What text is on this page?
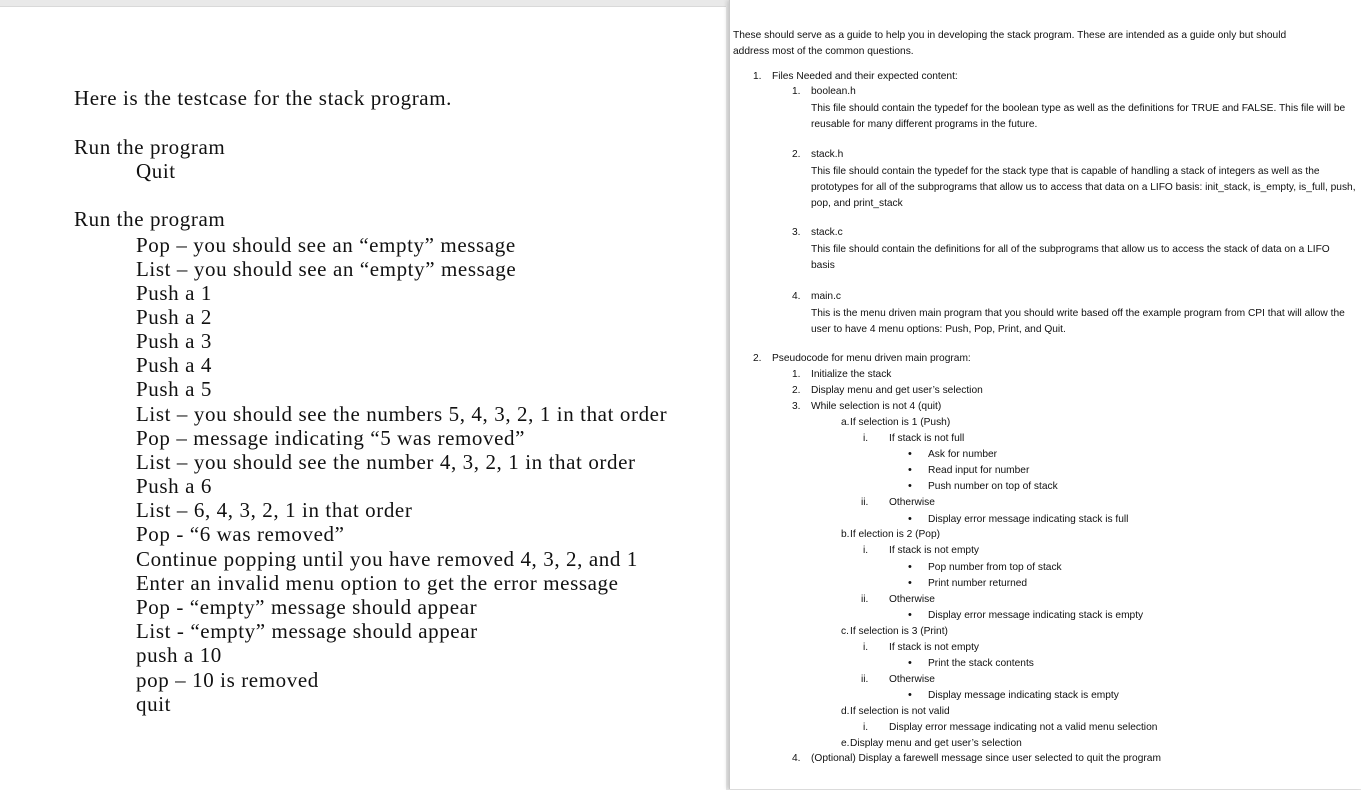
Here is the testcase for the stack program.
Run the program
Quit
Run the program
Pop – you should see an “empty” message
List – you should see an “empty” message
Push a 1
Push a 2
Push a 3
Push a 4
Push a 5
List – you should see the numbers 5, 4, 3, 2, 1 in that order
Pop – message indicating “5 was removed”
List – you should see the number 4, 3, 2, 1 in that order
Push a 6
List – 6, 4, 3, 2, 1 in that order
Pop - “6 was removed”
Continue popping until you have removed 4, 3, 2, and 1
Enter an invalid menu option to get the error message
Pop - “empty” message should appear
List - “empty” message should appear
push a 10
pop – 10 is removed
quit
These should serve as a guide to help you in developing the stack program. These are intended as a guide only but should
address most of the common questions.
1. Files Needed and their expected content:
1. boolean.h
This file should contain the typedef for the boolean type as well as the definitions for TRUE and FALSE. This file will be reusable for many different programs in the future.
2. stack.h
This file should contain the typedef for the stack type that is capable of handling a stack of integers as well as the prototypes for all of the subprograms that allow us to access that data on a LIFO basis: init_stack, is_empty, is_full, push, pop, and print_stack
3. stack.c
This file should contain the definitions for all of the subprograms that allow us to access the stack of data on a LIFO basis
4. main.c
This is the menu driven main program that you should write based off the example program from CPI that will allow the user to have 4 menu options: Push, Pop, Print, and Quit.
2. Pseudocode for menu driven main program:
1. Initialize the stack
2. Display menu and get user’s selection
3. While selection is not 4 (quit)
a. If selection is 1 (Push)
i. If stack is not full
• Ask for number
• Read input for number
• Push number on top of stack
ii. Otherwise
• Display error message indicating stack is full
b. If election is 2 (Pop)
i. If stack is not empty
• Pop number from top of stack
• Print number returned
ii. Otherwise
• Display error message indicating stack is empty
c. If selection is 3 (Print)
i. If stack is not empty
• Print the stack contents
ii. Otherwise
• Display message indicating stack is empty
d. If selection is not valid
i. Display error message indicating not a valid menu selection
e. Display menu and get user’s selection
4. (Optional) Display a farewell message since user selected to quit the program
